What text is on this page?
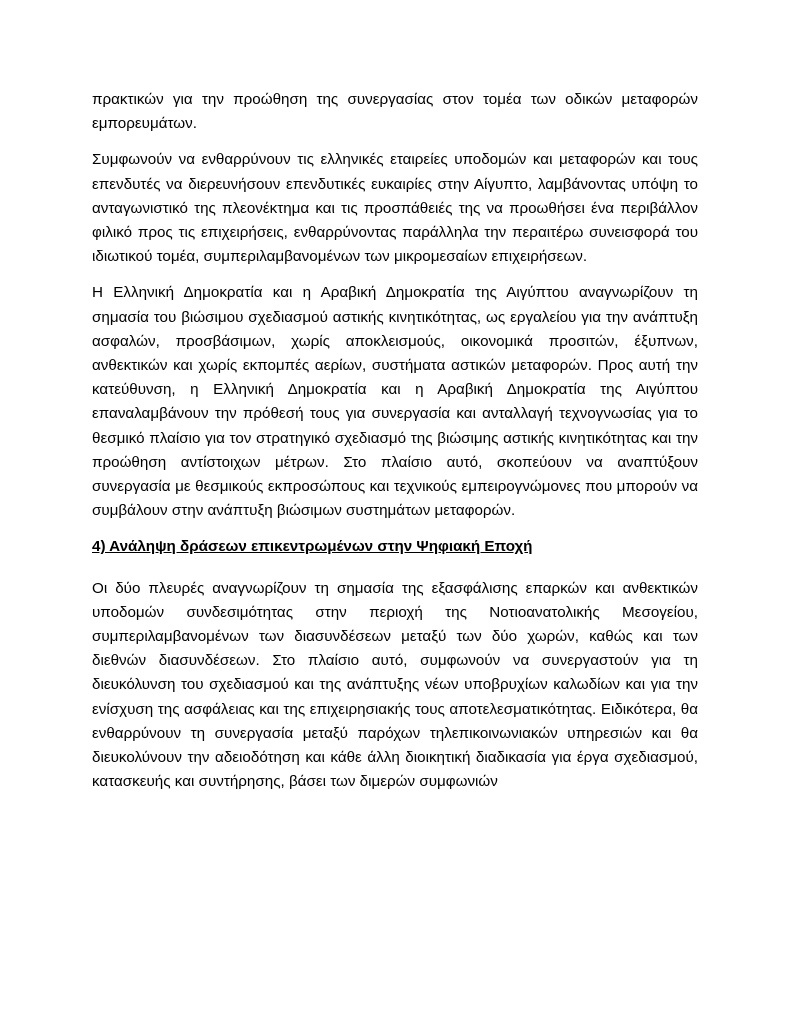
πρακτικών για την προώθηση της συνεργασίας στον τομέα των οδικών μεταφορών εμπορευμάτων.

Συμφωνούν να ενθαρρύνουν τις ελληνικές εταιρείες υποδομών και μεταφορών και τους επενδυτές να διερευνήσουν επενδυτικές ευκαιρίες στην Αίγυπτο, λαμβάνοντας υπόψη το ανταγωνιστικό της πλεονέκτημα και τις προσπάθειές της να προωθήσει ένα περιβάλλον φιλικό προς τις επιχειρήσεις, ενθαρρύνοντας παράλληλα την περαιτέρω συνεισφορά του ιδιωτικού τομέα, συμπεριλαμβανομένων των μικρομεσαίων επιχειρήσεων.

Η Ελληνική Δημοκρατία και η Αραβική Δημοκρατία της Αιγύπτου αναγνωρίζουν τη σημασία του βιώσιμου σχεδιασμού αστικής κινητικότητας, ως εργαλείου για την ανάπτυξη ασφαλών, προσβάσιμων, χωρίς αποκλεισμούς, οικονομικά προσιτών, έξυπνων, ανθεκτικών και χωρίς εκπομπές αερίων, συστήματα αστικών μεταφορών. Προς αυτή την κατεύθυνση, η Ελληνική Δημοκρατία και η Αραβική Δημοκρατία της Αιγύπτου επαναλαμβάνουν την πρόθεσή τους για συνεργασία και ανταλλαγή τεχνογνωσίας για το θεσμικό πλαίσιο για τον στρατηγικό σχεδιασμό της βιώσιμης αστικής κινητικότητας και την προώθηση αντίστοιχων μέτρων. Στο πλαίσιο αυτό, σκοπεύουν να αναπτύξουν συνεργασία με θεσμικούς εκπροσώπους και τεχνικούς εμπειρογνώμονες που μπορούν να συμβάλουν στην ανάπτυξη βιώσιμων συστημάτων μεταφορών.

4) Ανάληψη δράσεων επικεντρωμένων στην Ψηφιακή Εποχή

Οι δύο πλευρές αναγνωρίζουν τη σημασία της εξασφάλισης επαρκών και ανθεκτικών υποδομών συνδεσιμότητας στην περιοχή της Νοτιοανατολικής Μεσογείου, συμπεριλαμβανομένων των διασυνδέσεων μεταξύ των δύο χωρών, καθώς και των διεθνών διασυνδέσεων. Στο πλαίσιο αυτό, συμφωνούν να συνεργαστούν για τη διευκόλυνση του σχεδιασμού και της ανάπτυξης νέων υποβρυχίων καλωδίων και για την ενίσχυση της ασφάλειας και της επιχειρησιακής τους αποτελεσματικότητας. Ειδικότερα, θα ενθαρρύνουν τη συνεργασία μεταξύ παρόχων τηλεπικοινωνιακών υπηρεσιών και θα διευκολύνουν την αδειοδότηση και κάθε άλλη διοικητική διαδικασία για έργα σχεδιασμού, κατασκευής και συντήρησης, βάσει των διμερών συμφωνιών
